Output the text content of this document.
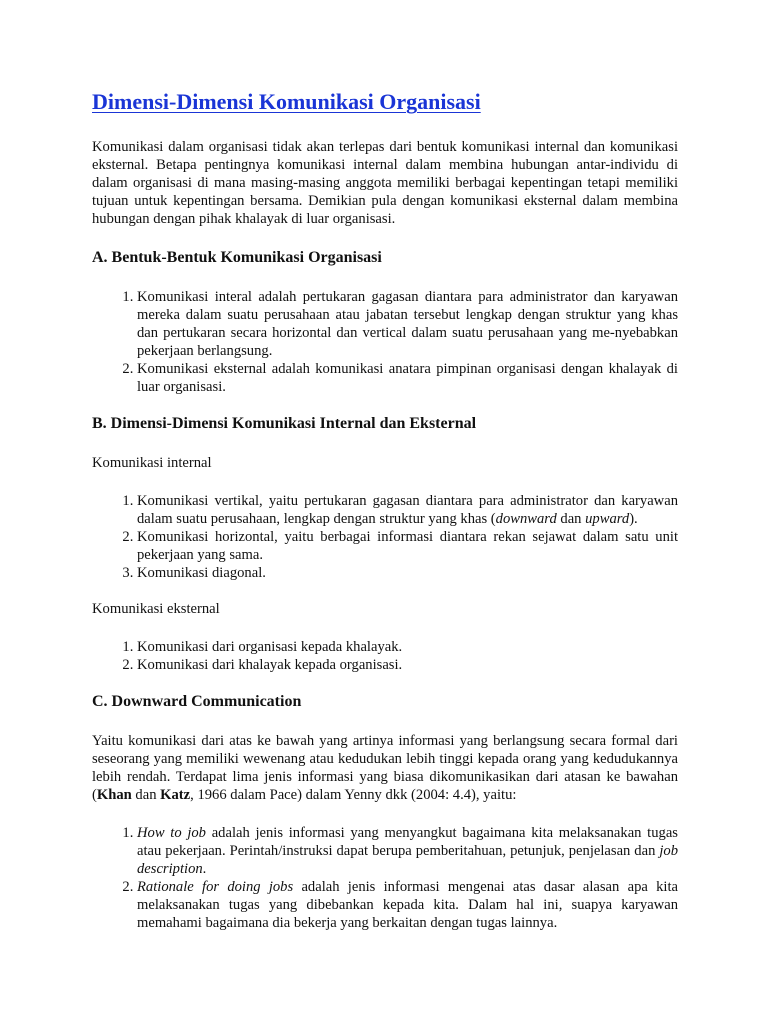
Dimensi-Dimensi Komunikasi Organisasi

Komunikasi dalam organisasi tidak akan terlepas dari bentuk komunikasi internal dan komunikasi eksternal. Betapa pentingnya komunikasi internal dalam membina hubungan antar-individu di dalam organisasi di mana masing-masing anggota memiliki berbagai kepentingan tetapi memiliki tujuan untuk kepentingan bersama. Demikian pula dengan komunikasi eksternal dalam membina hubungan dengan pihak khalayak di luar organisasi.

A. Bentuk-Bentuk Komunikasi Organisasi
1. Komunikasi interal adalah pertukaran gagasan diantara para administrator dan karyawan mereka dalam suatu perusahaan atau jabatan tersebut lengkap dengan struktur yang khas dan pertukaran secara horizontal dan vertical dalam suatu perusahaan yang me-nyebabkan pekerjaan berlangsung.
2. Komunikasi eksternal adalah komunikasi anatara pimpinan organisasi dengan khalayak di luar organisasi.
B. Dimensi-Dimensi Komunikasi Internal dan Eksternal

Komunikasi internal

1. Komunikasi vertikal, yaitu pertukaran gagasan diantara para administrator dan karyawan dalam suatu perusahaan, lengkap dengan struktur yang khas (downward dan upward).
2. Komunikasi horizontal, yaitu berbagai informasi diantara rekan sejawat dalam satu unit pekerjaan yang sama.
3. Komunikasi diagonal.

Komunikasi eksternal

1. Komunikasi dari organisasi kepada khalayak.
2. Komunikasi dari khalayak kepada organisasi.
C. Downward Communication

Yaitu komunikasi dari atas ke bawah yang artinya informasi yang berlangsung secara formal dari seseorang yang memiliki wewenang atau kedudukan lebih tinggi kepada orang yang kedudukannya lebih rendah. Terdapat lima jenis informasi yang biasa dikomunikasikan dari atasan ke bawahan (Khan dan Katz, 1966 dalam Pace) dalam Yenny dkk (2004: 4.4), yaitu:

1. How to job adalah jenis informasi yang menyangkut bagaimana kita melaksanakan tugas atau pekerjaan. Perintah/instruksi dapat berupa pemberitahuan, petunjuk, penjelasan dan job description.
2. Rationale for doing jobs adalah jenis informasi mengenai atas dasar alasan apa kita melaksanakan tugas yang dibebankan kepada kita. Dalam hal ini, suapya karyawan memahami bagaimana dia bekerja yang berkaitan dengan tugas lainnya.
